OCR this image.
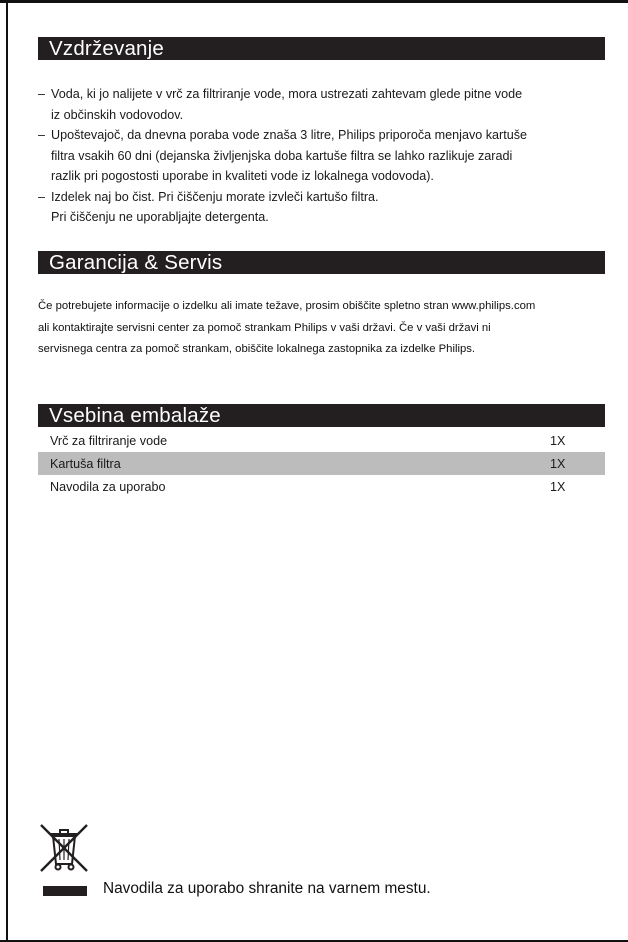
Vzdrževanje
– Voda, ki jo nalijete v vrč za filtriranje vode, mora ustrezati zahtevam glede pitne vode
iz občinskih vodovodov.
– Upoštevajoč, da dnevna poraba vode znaša 3 litre, Philips priporoča menjavo kartuše
filtra vsakih 60 dni (dejanska življenjska doba kartuše filtra se lahko razlikuje zaradi
razlik pri pogostosti uporabe in kvaliteti vode iz lokalnega vodovoda).
– Izdelek naj bo čist. Pri čiščenju morate izvleči kartušo filtra.
Pri čiščenju ne uporabljajte detergenta.
Garancija & Servis

Če potrebujete informacije o izdelku ali imate težave, prosim obiščite spletno stran www.philips.com
ali kontaktirajte servisni center za pomoč strankam Philips v vaši državi. Če v vaši državi ni
servisnega centra za pomoč strankam, obiščite lokalnega zastopnika za izdelke Philips.

Vsebina embalaže
Vrč za filtriranje vode	1X
Kartuša filtra	1X
Navodila za uporabo	1X
Navodila za uporabo shranite na varnem mestu.
